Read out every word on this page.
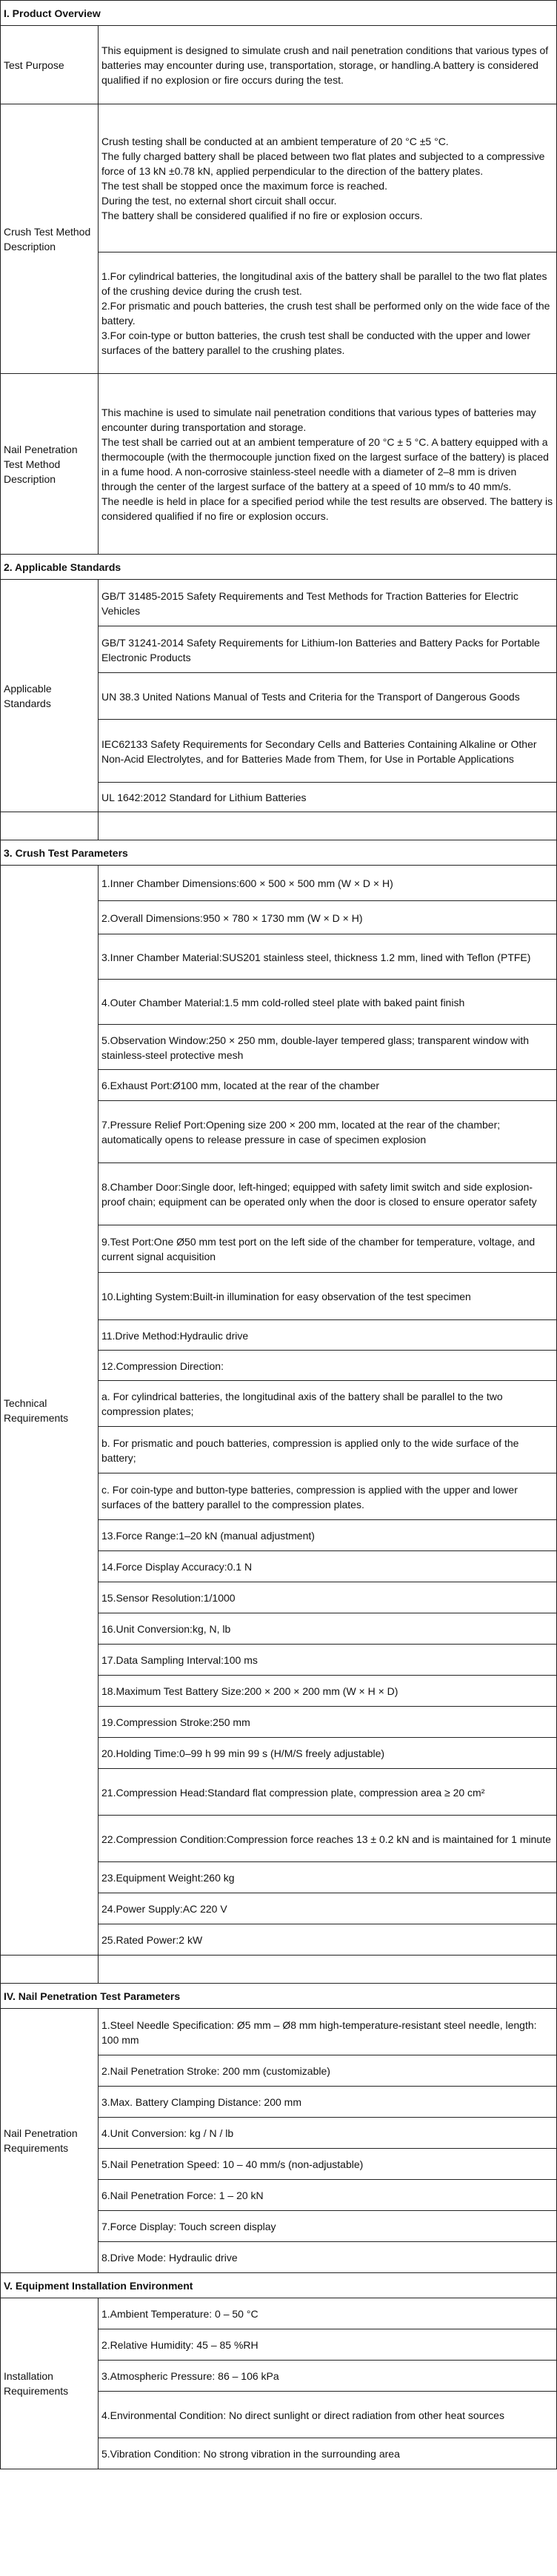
I. Product Overview	
Test Purpose	This equipment is designed to simulate crush and nail penetration conditions that various types of batteries may encounter during use, transportation, storage, or handling.A battery is considered qualified if no explosion or fire occurs during the test.
Crush Test Method Description	Crush testing shall be conducted at an ambient temperature of 20 °C ±5 °C.
The fully charged battery shall be placed between two flat plates and subjected to a compressive force of 13 kN ±0.78 kN, applied perpendicular to the direction of the battery plates.
The test shall be stopped once the maximum force is reached.
During the test, no external short circuit shall occur.
The battery shall be considered qualified if no fire or explosion occurs.

	1.For cylindrical batteries, the longitudinal axis of the battery shall be parallel to the two flat plates of the crushing device during the crush test.
2.For prismatic and pouch batteries, the crush test shall be performed only on the wide face of the battery.
3.For coin-type or button batteries, the crush test shall be conducted with the upper and lower surfaces of the battery parallel to the crushing plates.

Nail Penetration Test Method Description	This machine is used to simulate nail penetration conditions that various types of batteries may encounter during transportation and storage.
The test shall be carried out at an ambient temperature of 20 °C ± 5 °C. A battery equipped with a thermocouple (with the thermocouple junction fixed on the largest surface of the battery) is placed in a fume hood. A non-corrosive stainless-steel needle with a diameter of 2–8 mm is driven through the center of the largest surface of the battery at a speed of 10 mm/s to 40 mm/s.
The needle is held in place for a specified period while the test results are observed. The battery is considered qualified if no fire or explosion occurs.

2. Applicable Standards	
Applicable Standards	GB/T 31485-2015 Safety Requirements and Test Methods for Traction Batteries for Electric Vehicles
	GB/T 31241-2014 Safety Requirements for Lithium-Ion Batteries and Battery Packs for Portable Electronic Products
	UN 38.3 United Nations Manual of Tests and Criteria for the Transport of Dangerous Goods
	IEC62133 Safety Requirements for Secondary Cells and Batteries Containing Alkaline or Other Non-Acid Electrolytes, and for Batteries Made from Them, for Use in Portable Applications
	UL 1642:2012 Standard for Lithium Batteries

3. Crush Test Parameters	
Technical Requirements	1.Inner Chamber Dimensions:600 × 500 × 500 mm (W × D × H)
	2.Overall Dimensions:950 × 780 × 1730 mm (W × D × H)
	3.Inner Chamber Material:SUS201 stainless steel, thickness 1.2 mm, lined with Teflon (PTFE)
	4.Outer Chamber Material:1.5 mm cold-rolled steel plate with baked paint finish
	5.Observation Window:250 × 250 mm, double-layer tempered glass; transparent window with stainless-steel protective mesh
	6.Exhaust Port:Ø100 mm, located at the rear of the chamber
	7.Pressure Relief Port:Opening size 200 × 200 mm, located at the rear of the chamber; automatically opens to release pressure in case of specimen explosion
	8.Chamber Door:Single door, left-hinged; equipped with safety limit switch and side explosion-proof chain; equipment can be operated only when the door is closed to ensure operator safety
	9.Test Port:One Ø50 mm test port on the left side of the chamber for temperature, voltage, and current signal acquisition
	10.Lighting System:Built-in illumination for easy observation of the test specimen
	11.Drive Method:Hydraulic drive
	12.Compression Direction:
	a. For cylindrical batteries, the longitudinal axis of the battery shall be parallel to the two compression plates;
	b. For prismatic and pouch batteries, compression is applied only to the wide surface of the battery;
	c. For coin-type and button-type batteries, compression is applied with the upper and lower surfaces of the battery parallel to the compression plates.
	13.Force Range:1–20 kN (manual adjustment)
	14.Force Display Accuracy:0.1 N
	15.Sensor Resolution:1/1000
	16.Unit Conversion:kg, N, lb
	17.Data Sampling Interval:100 ms
	18.Maximum Test Battery Size:200 × 200 × 200 mm (W × H × D)
	19.Compression Stroke:250 mm
	20.Holding Time:0–99 h 99 min 99 s (H/M/S freely adjustable)
	21.Compression Head:Standard flat compression plate, compression area ≥ 20 cm²
	22.Compression Condition:Compression force reaches 13 ± 0.2 kN and is maintained for 1 minute
	23.Equipment Weight:260 kg
	24.Power Supply:AC 220 V
	25.Rated Power:2 kW

IV. Nail Penetration Test Parameters	
Nail Penetration Requirements	1.Steel Needle Specification: Ø5 mm – Ø8 mm high-temperature-resistant steel needle, length: 100 mm
	2.Nail Penetration Stroke: 200 mm (customizable)
	3.Max. Battery Clamping Distance: 200 mm
	4.Unit Conversion: kg / N / lb
	5.Nail Penetration Speed: 10 – 40 mm/s (non-adjustable)
	6.Nail Penetration Force: 1 – 20 kN
	7.Force Display: Touch screen display
	8.Drive Mode: Hydraulic drive
V. Equipment Installation Environment	
Installation Requirements	1.Ambient Temperature: 0 – 50 °C
	2.Relative Humidity: 45 – 85 %RH
	3.Atmospheric Pressure: 86 – 106 kPa
	4.Environmental Condition: No direct sunlight or direct radiation from other heat sources
	5.Vibration Condition: No strong vibration in the surrounding area
